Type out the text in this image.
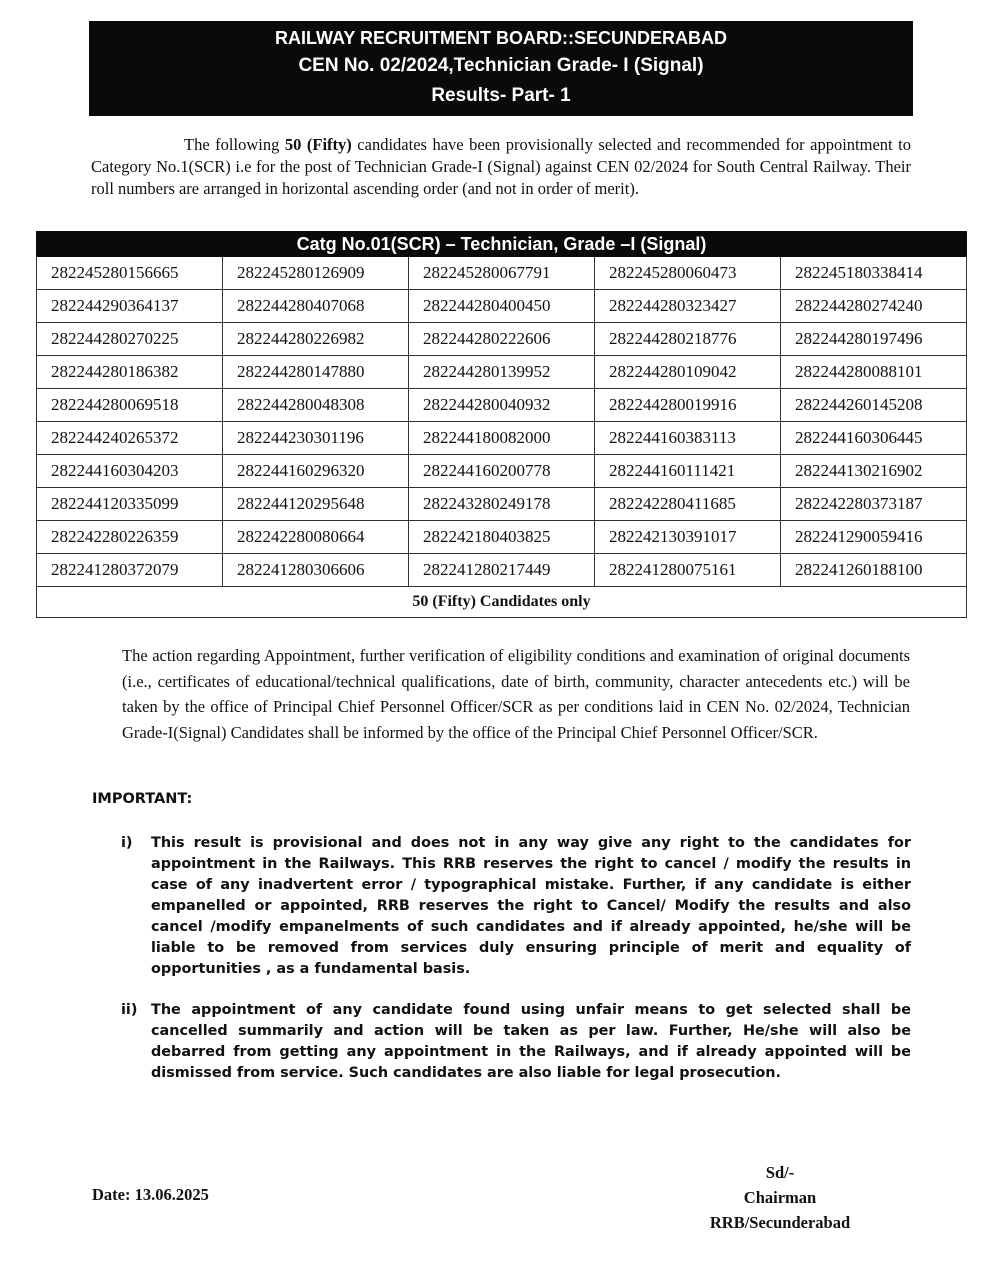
RAILWAY RECRUITMENT BOARD::SECUNDERABAD
CEN No. 02/2024,Technician Grade- I (Signal)
Results- Part- 1

The following 50 (Fifty) candidates have been provisionally selected and recommended for appointment to Category No.1(SCR) i.e for the post of Technician Grade-I (Signal) against CEN 02/2024 for South Central Railway. Their roll numbers are arranged in horizontal ascending order (and not in order of merit).

Catg No.01(SCR) – Technician, Grade –I (Signal)				
282245280156665	282245280126909	282245280067791	282245280060473	282245180338414
282244290364137	282244280407068	282244280400450	282244280323427	282244280274240
282244280270225	282244280226982	282244280222606	282244280218776	282244280197496
282244280186382	282244280147880	282244280139952	282244280109042	282244280088101
282244280069518	282244280048308	282244280040932	282244280019916	282244260145208
282244240265372	282244230301196	282244180082000	282244160383113	282244160306445
282244160304203	282244160296320	282244160200778	282244160111421	282244130216902
282244120335099	282244120295648	282243280249178	282242280411685	282242280373187
282242280226359	282242280080664	282242180403825	282242130391017	282241290059416
282241280372079	282241280306606	282241280217449	282241280075161	282241260188100
50 (Fifty) Candidates only				

The action regarding Appointment, further verification of eligibility conditions and examination of original documents (i.e., certificates of educational/technical qualifications, date of birth, community, character antecedents etc.) will be taken by the office of Principal Chief Personnel Officer/SCR as per conditions laid in CEN No. 02/2024, Technician Grade-I(Signal) Candidates shall be informed by the office of the Principal Chief Personnel Officer/SCR.

IMPORTANT:

i) This result is provisional and does not in any way give any right to the candidates for appointment in the Railways. This RRB reserves the right to cancel / modify the results in case of any inadvertent error / typographical mistake. Further, if any candidate is either empanelled or appointed, RRB reserves the right to Cancel/ Modify the results and also cancel /modify empanelments of such candidates and if already appointed, he/she will be liable to be removed from services duly ensuring principle of merit and equality of opportunities , as a fundamental basis.
ii) The appointment of any candidate found using unfair means to get selected shall be cancelled summarily and action will be taken as per law. Further, He/she will also be debarred from getting any appointment in the Railways, and if already appointed will be dismissed from service. Such candidates are also liable for legal prosecution.

Date: 13.06.2025

Sd/-
Chairman
RRB/Secunderabad
